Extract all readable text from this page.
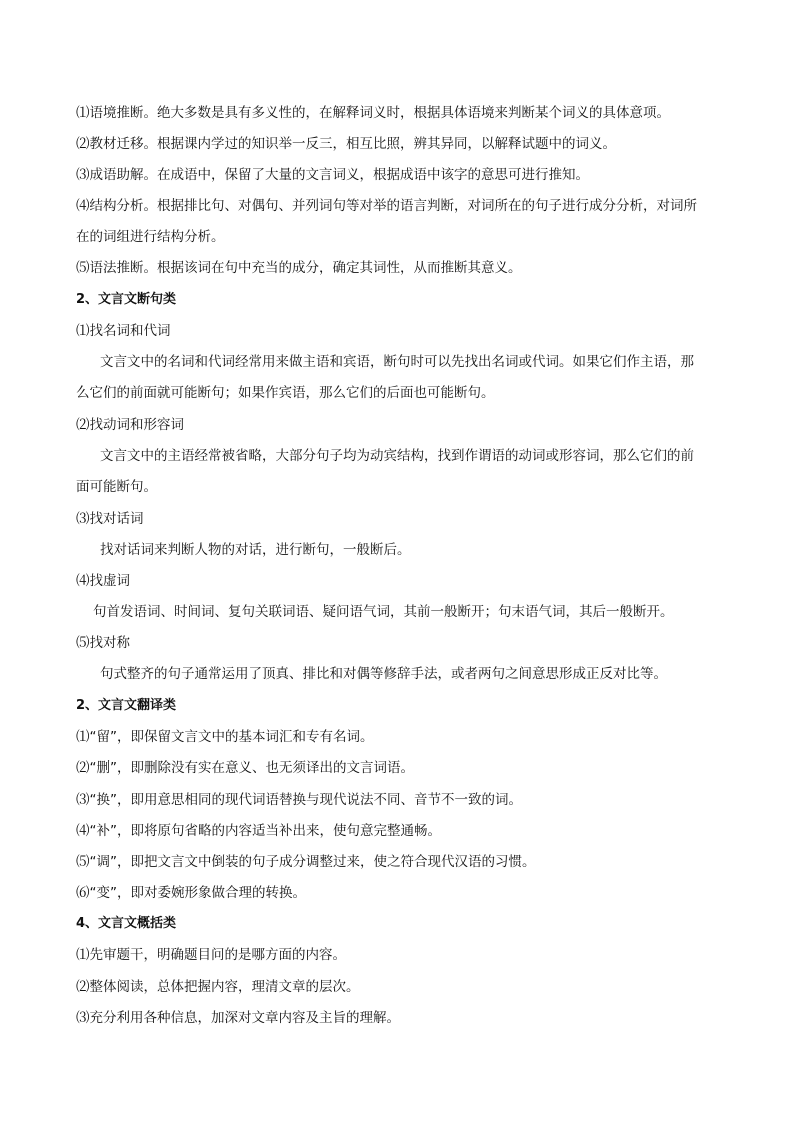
⑴语境推断。绝大多数是具有多义性的，在解释词义时，根据具体语境来判断某个词义的具体意项。
⑵教材迁移。根据课内学过的知识举一反三，相互比照，辨其异同，以解释试题中的词义。
⑶成语助解。在成语中，保留了大量的文言词义，根据成语中该字的意思可进行推知。
⑷结构分析。根据排比句、对偶句、并列词句等对举的语言判断，对词所在的句子进行成分分析，对词所
在的词组进行结构分析。
⑸语法推断。根据该词在句中充当的成分，确定其词性，从而推断其意义。
2、文言文断句类
⑴找名词和代词
文言文中的名词和代词经常用来做主语和宾语，断句时可以先找出名词或代词。如果它们作主语，那
么它们的前面就可能断句；如果作宾语，那么它们的后面也可能断句。
⑵找动词和形容词
文言文中的主语经常被省略，大部分句子均为动宾结构，找到作谓语的动词或形容词，那么它们的前
面可能断句。
⑶找对话词
找对话词来判断人物的对话，进行断句，一般断后。
⑷找虚词
句首发语词、时间词、复句关联词语、疑问语气词，其前一般断开；句末语气词，其后一般断开。
⑸找对称
句式整齐的句子通常运用了顶真、排比和对偶等修辞手法，或者两句之间意思形成正反对比等。
2、文言文翻译类
⑴“留”，即保留文言文中的基本词汇和专有名词。
⑵“删”，即删除没有实在意义、也无须译出的文言词语。
⑶“换”，即用意思相同的现代词语替换与现代说法不同、音节不一致的词。
⑷“补”，即将原句省略的内容适当补出来，使句意完整通畅。
⑸“调”，即把文言文中倒装的句子成分调整过来，使之符合现代汉语的习惯。
⑹“变”，即对委婉形象做合理的转换。
4、文言文概括类
⑴先审题干，明确题目问的是哪方面的内容。
⑵整体阅读，总体把握内容，理清文章的层次。
⑶充分利用各种信息，加深对文章内容及主旨的理解。
